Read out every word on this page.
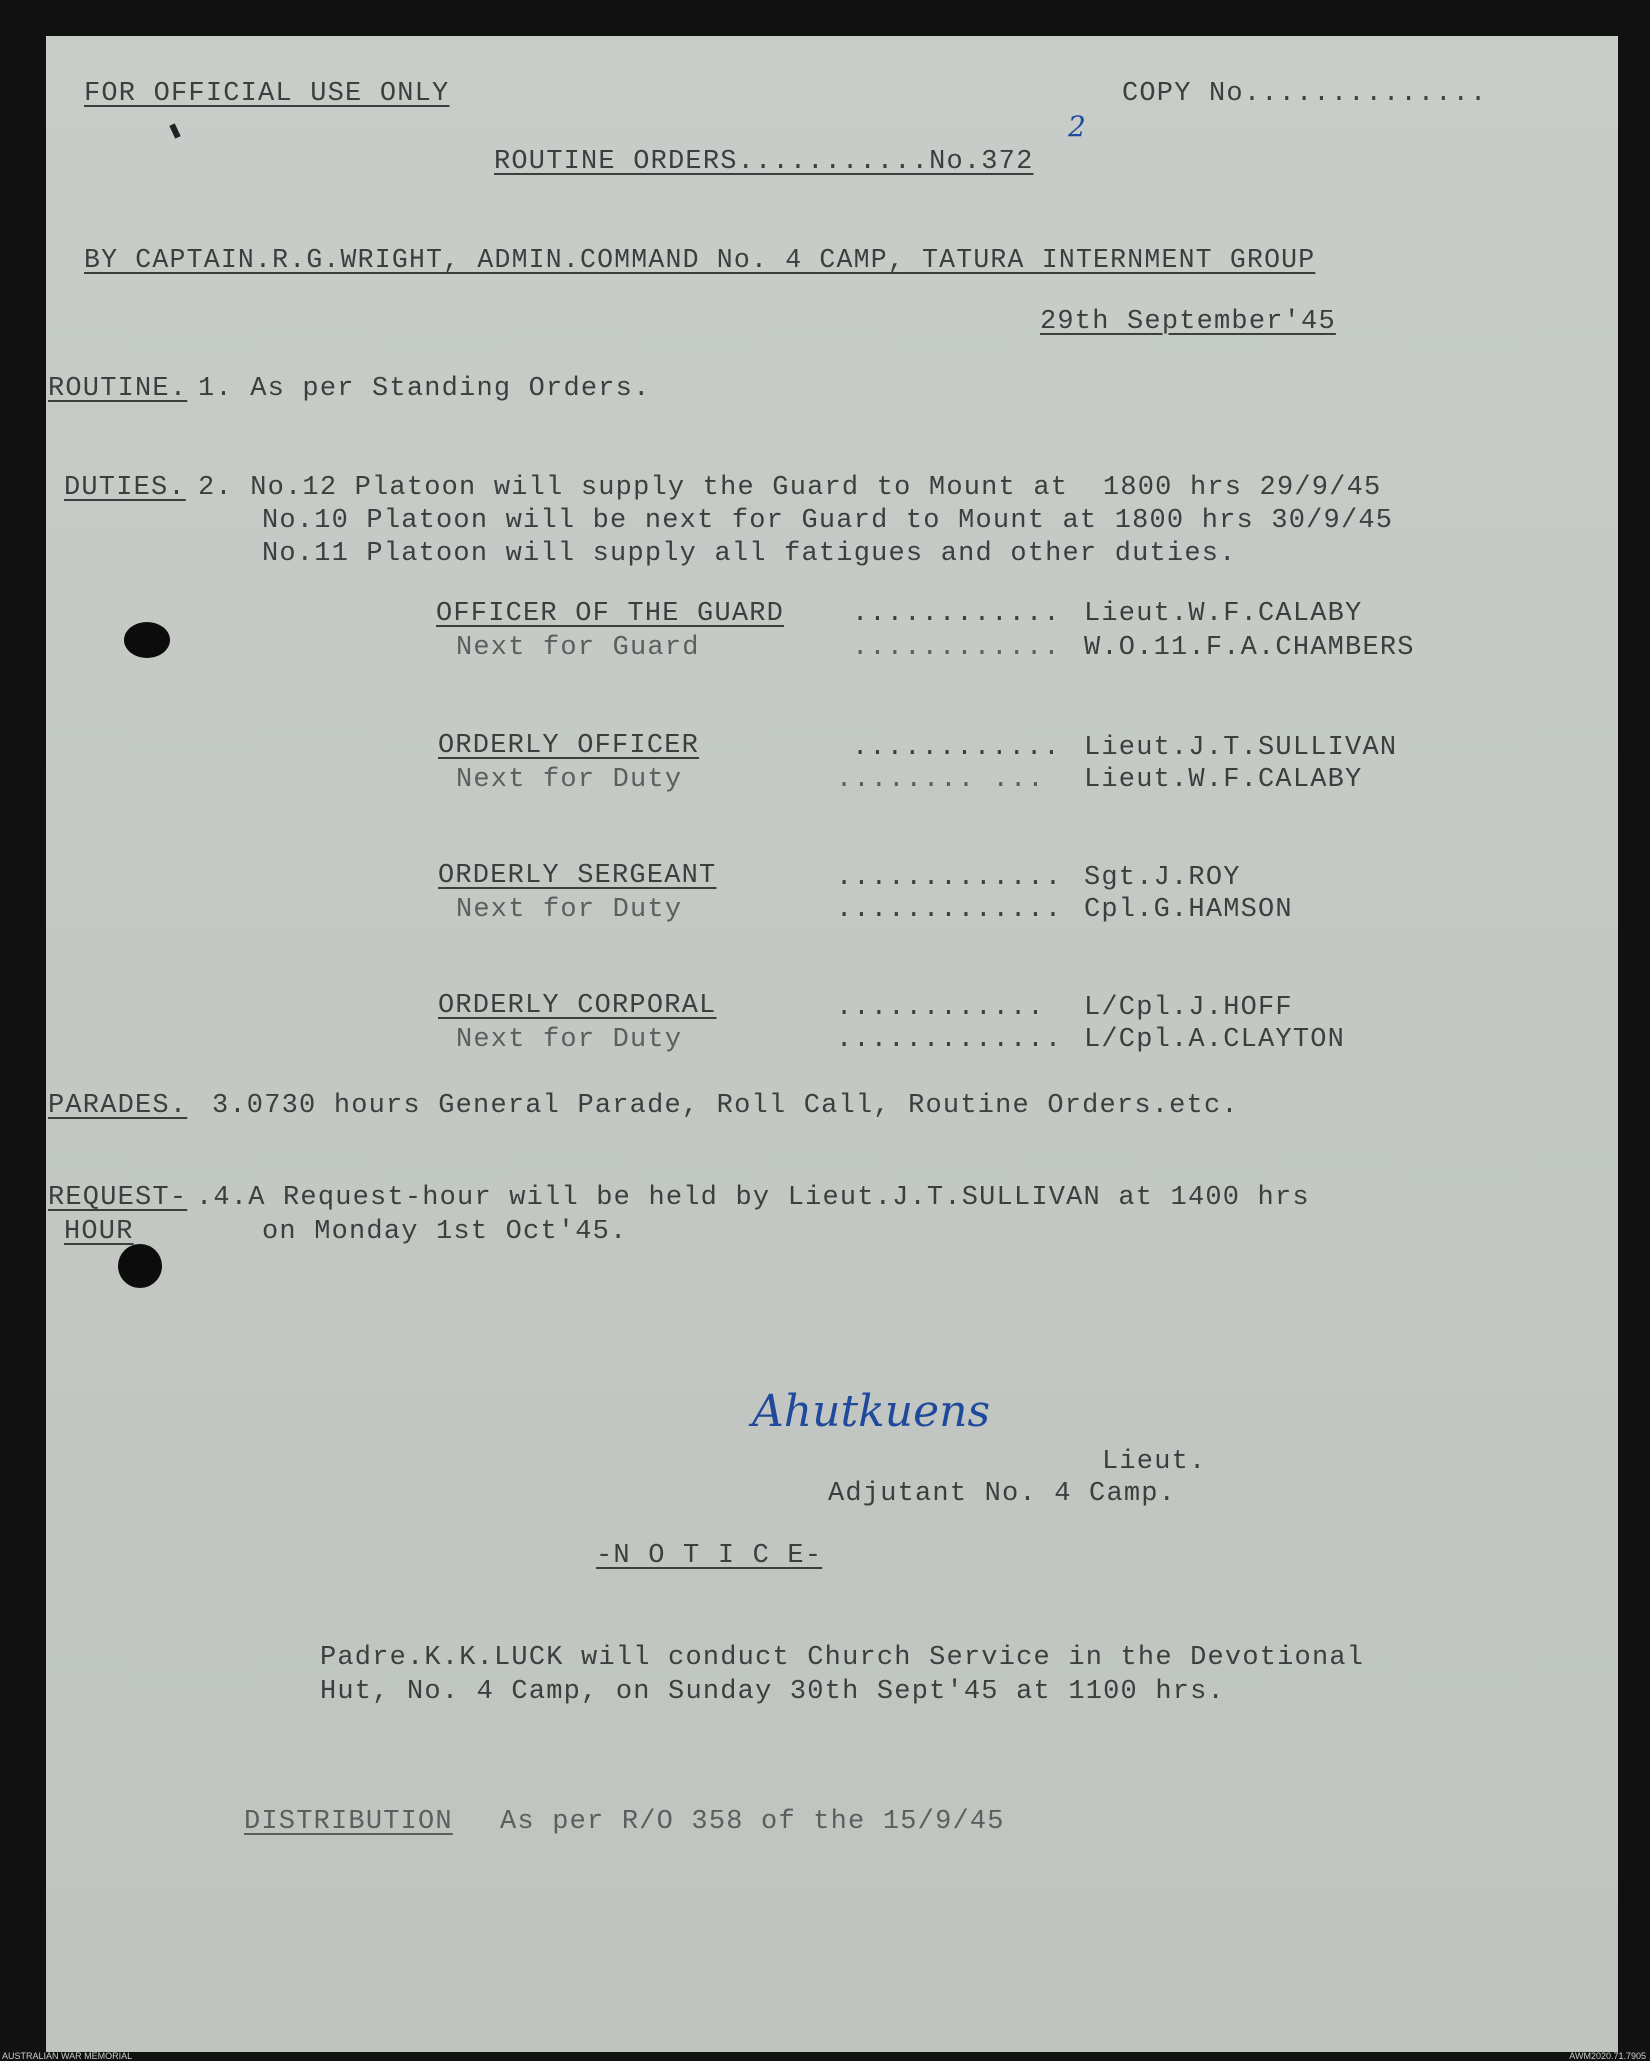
FOR OFFICIAL USE ONLY	COPY No..............
ROUTINE ORDERS...........No.372
2
BY CAPTAIN.R.G.WRIGHT, ADMIN.COMMAND No. 4 CAMP, TATURA INTERNMENT GROUP
29th September'45
ROUTINE. 1. As per Standing Orders.
DUTIES. 2. No.12 Platoon will supply the Guard to Mount at  1800 hrs 29/9/45
No.10 Platoon will be next for Guard to Mount at 1800 hrs 30/9/45
No.11 Platoon will supply all fatigues and other duties.
OFFICER OF THE GUARD	............ Lieut.W.F.CALABY
Next for Guard	............ W.O.11.F.A.CHAMBERS
ORDERLY OFFICER	............ Lieut.J.T.SULLIVAN
Next for Duty	........ ... Lieut.W.F.CALABY
ORDERLY SERGEANT	............. Sgt.J.ROY
Next for Duty	............. Cpl.G.HAMSON
ORDERLY CORPORAL	............ L/Cpl.J.HOFF
Next for Duty	............. L/Cpl.A.CLAYTON
PARADES. 3.0730 hours General Parade, Roll Call, Routine Orders.etc.
REQUEST- .4.A Request-hour will be held by Lieut.J.T.SULLIVAN at 1400 hrs
HOUR	on Monday 1st Oct'45.
Ahutkuens
Lieut.
Adjutant No. 4 Camp.
-N O T I C E-
Padre.K.K.LUCK will conduct Church Service in the Devotional
Hut, No. 4 Camp, on Sunday 30th Sept'45 at 1100 hrs.
DISTRIBUTION As per R/O 358 of the 15/9/45
AUSTRALIAN WAR MEMORIAL	AWM2020.71.7905
